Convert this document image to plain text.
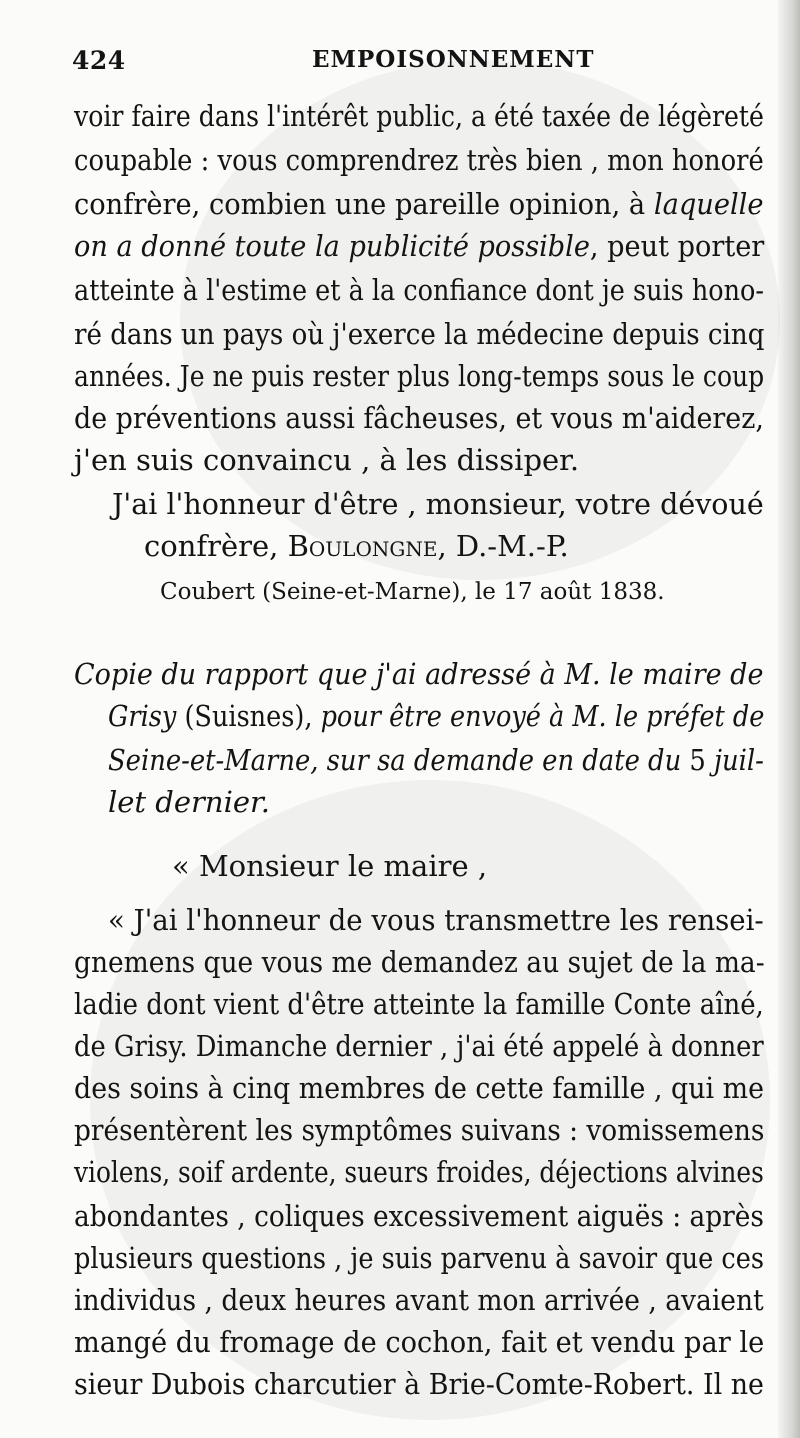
424	EMPOISONNEMENT
voir faire dans l'intérêt public, a été taxée de légèreté
coupable : vous comprendrez très bien , mon honoré
confrère, combien une pareille opinion, à laquelle
on a donné toute la publicité possible, peut porter
atteinte à l'estime et à la confiance dont je suis hono-
ré dans un pays où j'exerce la médecine depuis cinq
années. Je ne puis rester plus long-temps sous le coup
de préventions aussi fâcheuses, et vous m'aiderez,
j'en suis convaincu , à les dissiper.
J'ai l'honneur d'être , monsieur, votre dévoué
confrère, Boulongne, D.-M.-P.
Coubert (Seine-et-Marne), le 17 août 1838.
Copie du rapport que j'ai adressé à M. le maire de
Grisy (Suisnes), pour être envoyé à M. le préfet de
Seine-et-Marne, sur sa demande en date du 5 juil-
let dernier.
« Monsieur le maire ,
« J'ai l'honneur de vous transmettre les rensei-
gnemens que vous me demandez au sujet de la ma-
ladie dont vient d'être atteinte la famille Conte aîné,
de Grisy. Dimanche dernier , j'ai été appelé à donner
des soins à cinq membres de cette famille , qui me
présentèrent les symptômes suivans : vomissemens
violens, soif ardente, sueurs froides, déjections alvines
abondantes , coliques excessivement aiguës : après
plusieurs questions , je suis parvenu à savoir que ces
individus , deux heures avant mon arrivée , avaient
mangé du fromage de cochon, fait et vendu par le
sieur Dubois charcutier à Brie-Comte-Robert. Il ne
